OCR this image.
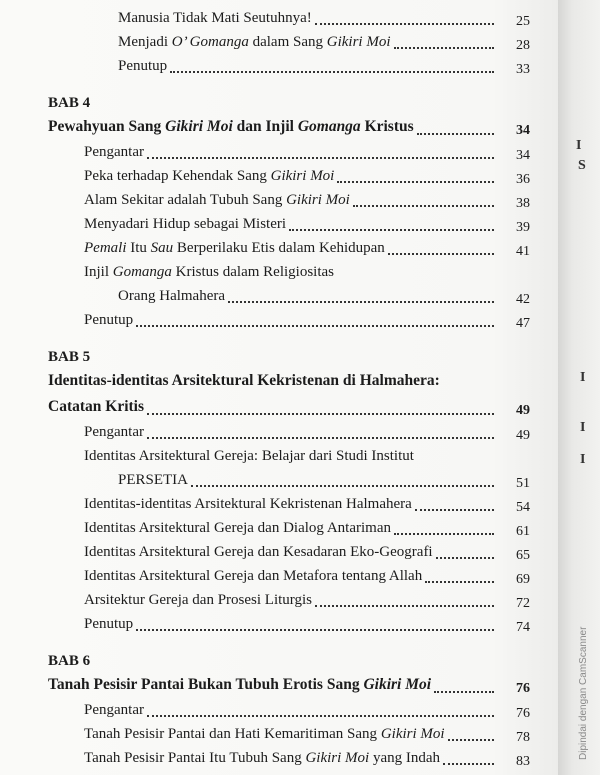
Manusia Tidak Mati Seutuhnya!	25
Menjadi O’ Gomanga dalam Sang Gikiri Moi	28
Penutup	33
BAB 4
Pewahyuan Sang Gikiri Moi dan Injil Gomanga Kristus	34
Pengantar	34
Peka terhadap Kehendak Sang Gikiri Moi	36
Alam Sekitar adalah Tubuh Sang Gikiri Moi	38
Menyadari Hidup sebagai Misteri	39
Pemali Itu Sau Berperilaku Etis dalam Kehidupan	41
Injil Gomanga Kristus dalam Religiositas
Orang Halmahera	42
Penutup	47
BAB 5
Identitas-identitas Arsitektural Kekristenan di Halmahera:
Catatan Kritis	49
Pengantar	49
Identitas Arsitektural Gereja: Belajar dari Studi Institut
PERSETIA	51
Identitas-identitas Arsitektural Kekristenan Halmahera	54
Identitas Arsitektural Gereja dan Dialog Antariman	61
Identitas Arsitektural Gereja dan Kesadaran Eko-Geografi	65
Identitas Arsitektural Gereja dan Metafora tentang Allah	69
Arsitektur Gereja dan Prosesi Liturgis	72
Penutup	74
BAB 6
Tanah Pesisir Pantai Bukan Tubuh Erotis Sang Gikiri Moi	76
Pengantar	76
Tanah Pesisir Pantai dan Hati Kemaritiman Sang Gikiri Moi	78
Tanah Pesisir Pantai Itu Tubuh Sang Gikiri Moi yang Indah	83
I
S
I
I
I
Dipindai dengan CamScanner
